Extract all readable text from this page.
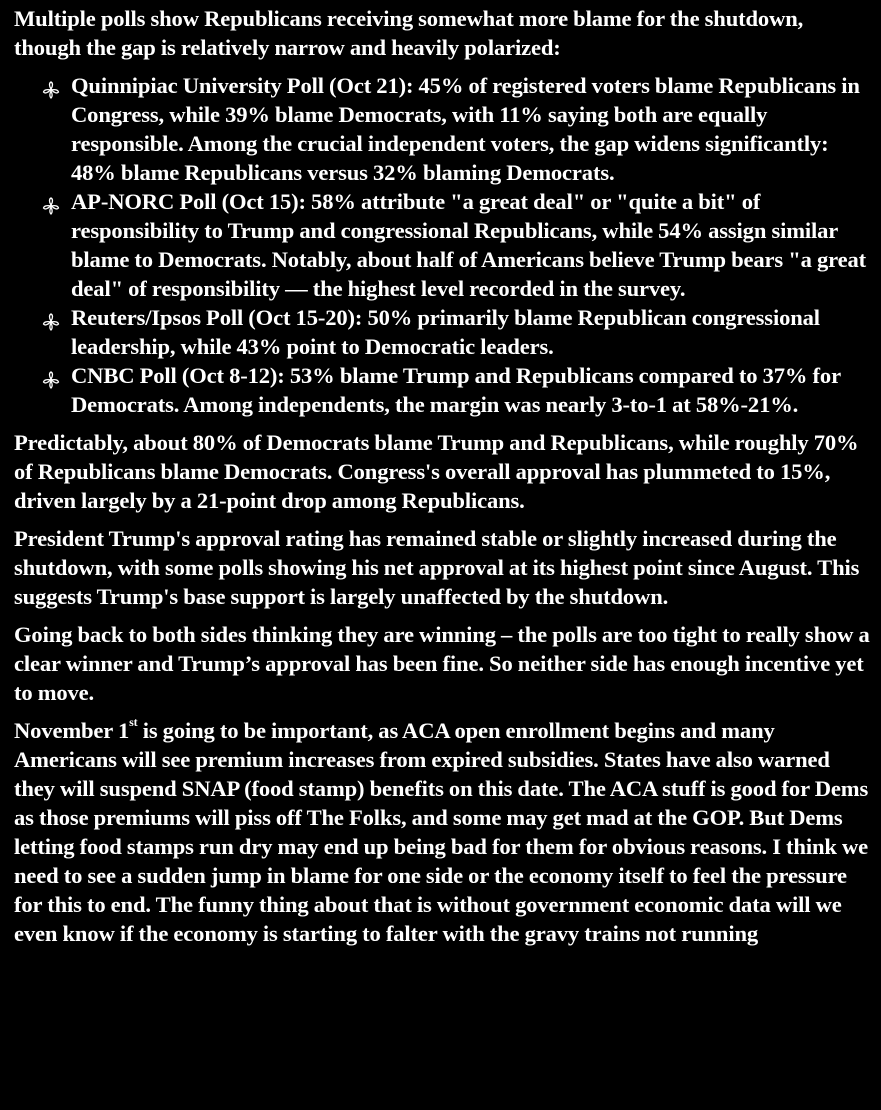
Multiple polls show Republicans receiving somewhat more blame for the shutdown, though the gap is relatively narrow and heavily polarized:

Quinnipiac University Poll (Oct 21): 45% of registered voters blame Republicans in Congress, while 39% blame Democrats, with 11% saying both are equally responsible. Among the crucial independent voters, the gap widens significantly: 48% blame Republicans versus 32% blaming Democrats.
AP-NORC Poll (Oct 15): 58% attribute "a great deal" or "quite a bit" of responsibility to Trump and congressional Republicans, while 54% assign similar blame to Democrats. Notably, about half of Americans believe Trump bears "a great deal" of responsibility — the highest level recorded in the survey.
Reuters/Ipsos Poll (Oct 15-20): 50% primarily blame Republican congressional leadership, while 43% point to Democratic leaders.
CNBC Poll (Oct 8-12): 53% blame Trump and Republicans compared to 37% for Democrats. Among independents, the margin was nearly 3-to-1 at 58%-21%.

Predictably, about 80% of Democrats blame Trump and Republicans, while roughly 70% of Republicans blame Democrats. Congress's overall approval has plummeted to 15%, driven largely by a 21-point drop among Republicans.

President Trump's approval rating has remained stable or slightly increased during the shutdown, with some polls showing his net approval at its highest point since August. This suggests Trump's base support is largely unaffected by the shutdown.

Going back to both sides thinking they are winning – the polls are too tight to really show a clear winner and Trump’s approval has been fine. So neither side has enough incentive yet to move.

November 1st is going to be important, as ACA open enrollment begins and many Americans will see premium increases from expired subsidies. States have also warned they will suspend SNAP (food stamp) benefits on this date. The ACA stuff is good for Dems as those premiums will piss off The Folks, and some may get mad at the GOP. But Dems letting food stamps run dry may end up being bad for them for obvious reasons. I think we need to see a sudden jump in blame for one side or the economy itself to feel the pressure for this to end. The funny thing about that is without government economic data will we even know if the economy is starting to falter with the gravy trains not running
